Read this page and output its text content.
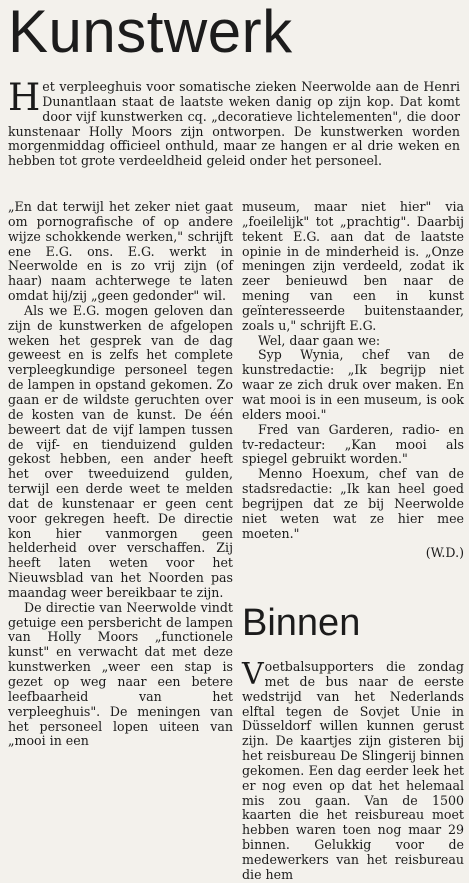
Kunstwerk

Het verpleeghuis voor somatische zieken Neerwolde aan de Henri Dunantlaan staat de laatste weken danig op zijn kop. Dat komt door vijf kunstwerken cq. „decoratieve lichtelementen", die door kunstenaar Holly Moors zijn ontworpen. De kunstwerken worden morgenmiddag officieel onthuld, maar ze hangen er al drie weken en hebben tot grote verdeeldheid geleid onder het personeel.

„En dat terwijl het zeker niet gaat om pornografische of op andere wijze schokkende werken," schrijft ene E.G. ons. E.G. werkt in Neerwolde en is zo vrij zijn (of haar) naam achterwege te laten omdat hij/zij „geen gedonder" wil.

Als we E.G. mogen geloven dan zijn de kunstwerken de afgelopen weken het gesprek van de dag geweest en is zelfs het complete verpleegkundige personeel tegen de lampen in opstand gekomen. Zo gaan er de wildste geruchten over de kosten van de kunst. De één beweert dat de vijf lampen tussen de vijf- en tienduizend gulden gekost hebben, een ander heeft het over tweeduizend gulden, terwijl een derde weet te melden dat de kunstenaar er geen cent voor gekregen heeft. De directie kon hier vanmorgen geen helderheid over verschaffen. Zij heeft laten weten voor het Nieuwsblad van het Noorden pas maandag weer bereikbaar te zijn.

De directie van Neerwolde vindt getuige een persbericht de lampen van Holly Moors „functionele kunst" en verwacht dat met deze kunstwerken „weer een stap is gezet op weg naar een betere leefbaarheid van het verpleeghuis". De meningen van het personeel lopen uiteen van „mooi in een

museum, maar niet hier" via „foeilelijk" tot „prachtig". Daarbij tekent E.G. aan dat de laatste opinie in de minderheid is. „Onze meningen zijn verdeeld, zodat ik zeer benieuwd ben naar de mening van een in kunst geïnteresseerde buitenstaander, zoals u," schrijft E.G.

Wel, daar gaan we:

Syp Wynia, chef van de kunstredactie: „Ik begrijp niet waar ze zich druk over maken. En wat mooi is in een museum, is ook elders mooi."

Fred van Garderen, radio- en tv-redacteur: „Kan mooi als spiegel gebruikt worden."

Menno Hoexum, chef van de stadsredactie: „Ik kan heel goed begrijpen dat ze bij Neerwolde niet weten wat ze hier mee moeten."

(W.D.)

Binnen

Voetbalsupporters die zondag met de bus naar de eerste wedstrijd van het Nederlands elftal tegen de Sovjet Unie in Düsseldorf willen kunnen gerust zijn. De kaartjes zijn gisteren bij het reisbureau De Slingerij binnen gekomen. Een dag eerder leek het er nog even op dat het helemaal mis zou gaan. Van de 1500 kaarten die het reisbureau moet hebben waren toen nog maar 29 binnen. Gelukkig voor de medewerkers van het reisbureau die hem
